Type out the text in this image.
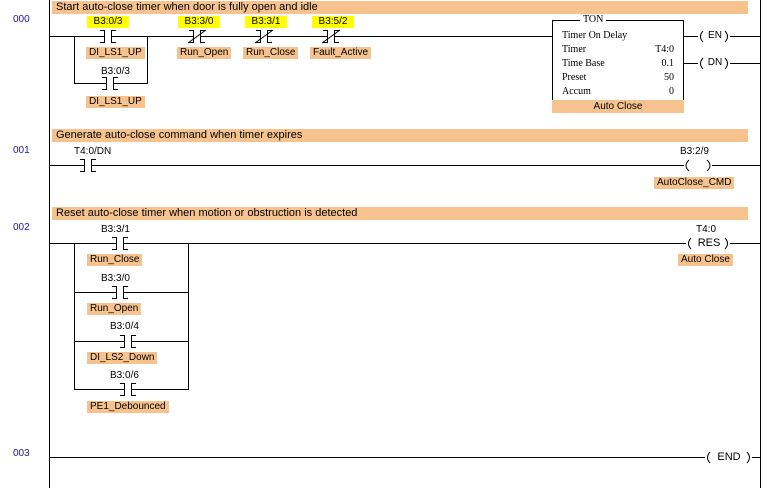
000
001
002
003
Start auto-close timer when door is fully open and idle
Generate auto-close command when timer expires
Reset auto-close timer when motion or obstruction is detected
EN
DN
RES
END
B3:0/3
DI_LS1_UP
B3:3/0
Run_Open
B3:3/1
Run_Close
B3:5/2
Fault_Active
B3:0/3
DI_LS1_UP
TON
Timer On Delay
Timer	T4:0
Time Base	0.1
Preset	50
Accum	0
Auto Close
T4:0/DN	B3:2/9
AutoClose_CMD
B3:3/1
Run_Close
B3:3/0
Run_Open
B3:0/4
DI_LS2_Down
B3:0/6
PE1_Debounced
T4:0
Auto Close
